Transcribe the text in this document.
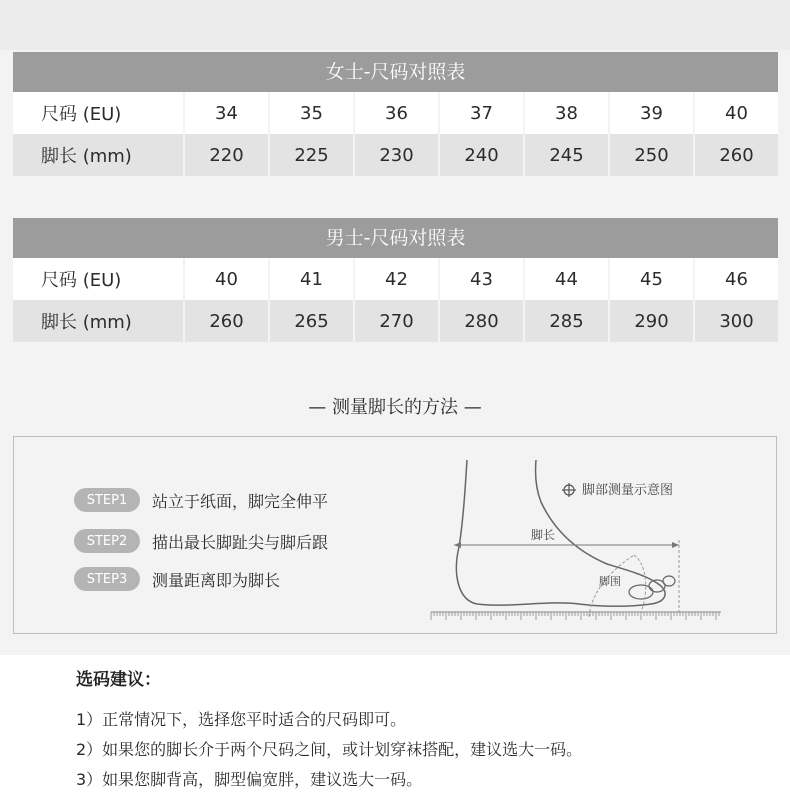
女士-尺码对照表
尺码 (EU)	34	35	36	37	38	39	40
脚长 (mm)	220	225	230	240	245	250	260
男士-尺码对照表
尺码 (EU)	40	41	42	43	44	45	46
脚长 (mm)	260	265	270	280	285	290	300
— 测量脚长的方法 —
STEP1	站立于纸面，脚完全伸平
STEP2	描出最长脚趾尖与脚后跟
STEP3	测量距离即为脚长
脚部测量示意图
脚长
脚围
选码建议：
1）正常情况下，选择您平时适合的尺码即可。
2）如果您的脚长介于两个尺码之间，或计划穿袜搭配，建议选大一码。
3）如果您脚背高，脚型偏宽胖，建议选大一码。
